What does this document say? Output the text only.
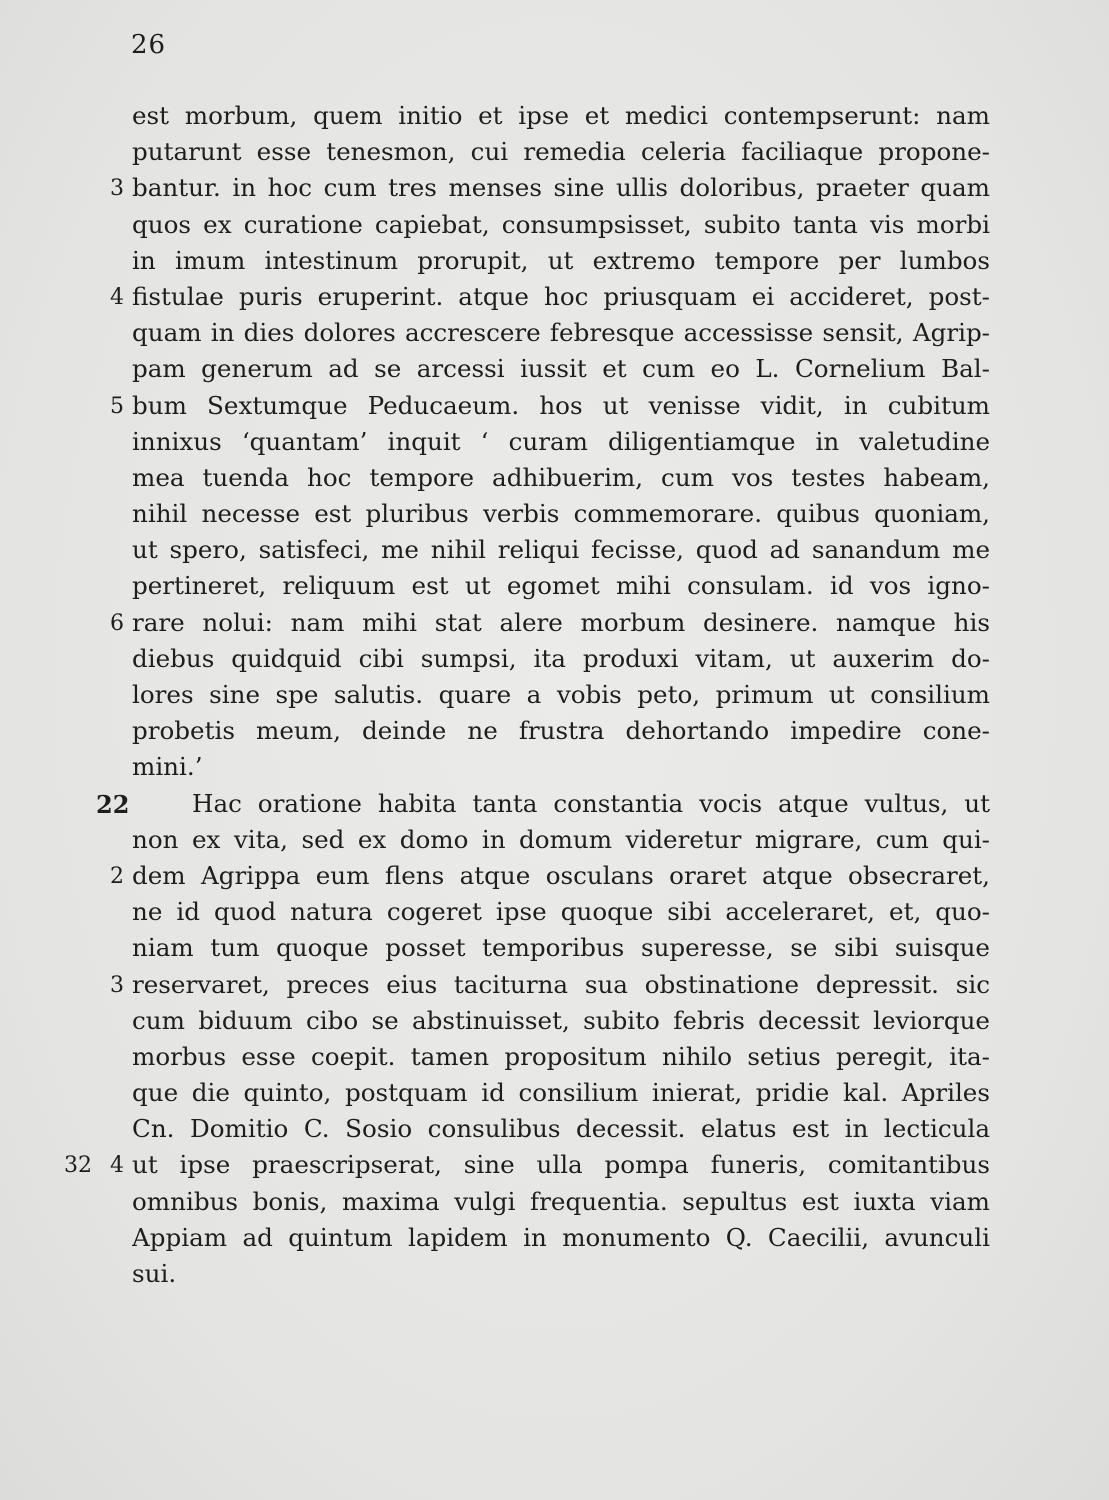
26
est morbum, quem initio et ipse et medici contempserunt: nam
putarunt esse tenesmon, cui remedia celeria faciliaque propone-
3 bantur. in hoc cum tres menses sine ullis doloribus, praeter quam
quos ex curatione capiebat, consumpsisset, subito tanta vis morbi
in imum intestinum prorupit, ut extremo tempore per lumbos
4 fistulae puris eruperint. atque hoc priusquam ei accideret, post-
quam in dies dolores accrescere febresque accessisse sensit, Agrip-
pam generum ad se arcessi iussit et cum eo L. Cornelium Bal-
5 bum Sextumque Peducaeum. hos ut venisse vidit, in cubitum
innixus ‘quantam’ inquit ‘ curam diligentiamque in valetudine
mea tuenda hoc tempore adhibuerim, cum vos testes habeam,
nihil necesse est pluribus verbis commemorare. quibus quoniam,
ut spero, satisfeci, me nihil reliqui fecisse, quod ad sanandum me
pertineret, reliquum est ut egomet mihi consulam. id vos igno-
6 rare nolui: nam mihi stat alere morbum desinere. namque his
diebus quidquid cibi sumpsi, ita produxi vitam, ut auxerim do-
lores sine spe salutis. quare a vobis peto, primum ut consilium
probetis meum, deinde ne frustra dehortando impedire cone-
mini.’
22	Hac oratione habita tanta constantia vocis atque vultus, ut
non ex vita, sed ex domo in domum videretur migrare, cum qui-
2 dem Agrippa eum flens atque osculans oraret atque obsecraret,
ne id quod natura cogeret ipse quoque sibi acceleraret, et, quo-
niam tum quoque posset temporibus superesse, se sibi suisque
3 reservaret, preces eius taciturna sua obstinatione depressit. sic
cum biduum cibo se abstinuisset, subito febris decessit leviorque
morbus esse coepit. tamen propositum nihilo setius peregit, ita-
que die quinto, postquam id consilium inierat, pridie kal. Apriles
Cn. Domitio C. Sosio consulibus decessit. elatus est in lecticula
32 4 ut ipse praescripserat, sine ulla pompa funeris, comitantibus
omnibus bonis, maxima vulgi frequentia. sepultus est iuxta viam
Appiam ad quintum lapidem in monumento Q. Caecilii, avunculi
sui.
